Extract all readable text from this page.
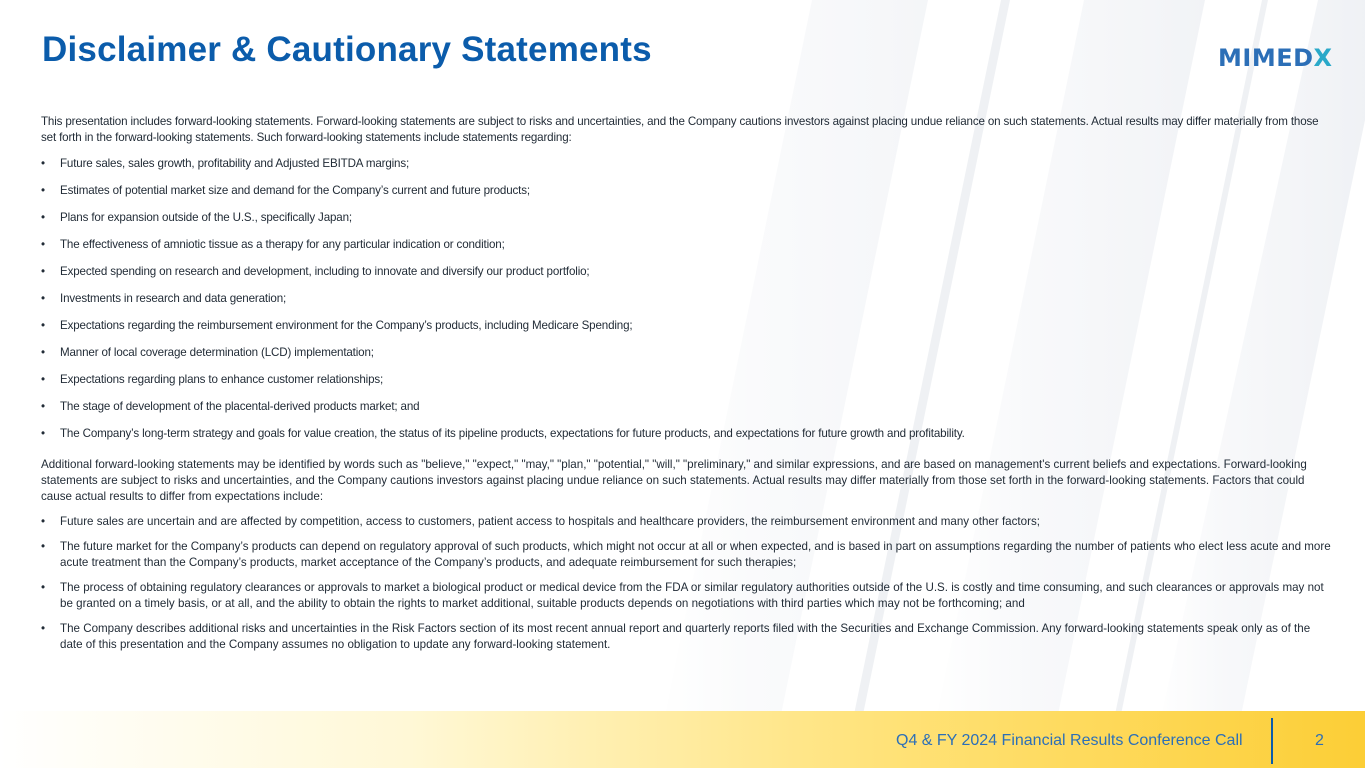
Disclaimer & Cautionary Statements	MIMEDX

This presentation includes forward-looking statements. Forward-looking statements are subject to risks and uncertainties, and the Company cautions investors against placing undue reliance on such statements. Actual results may differ materially from those set forth in the forward-looking statements. Such forward-looking statements include statements regarding:

• Future sales, sales growth, profitability and Adjusted EBITDA margins;
• Estimates of potential market size and demand for the Company’s current and future products;
• Plans for expansion outside of the U.S., specifically Japan;
• The effectiveness of amniotic tissue as a therapy for any particular indication or condition;
• Expected spending on research and development, including to innovate and diversify our product portfolio;
• Investments in research and data generation;
• Expectations regarding the reimbursement environment for the Company’s products, including Medicare Spending;
• Manner of local coverage determination (LCD) implementation;
• Expectations regarding plans to enhance customer relationships;
• The stage of development of the placental-derived products market; and
• The Company’s long-term strategy and goals for value creation, the status of its pipeline products, expectations for future products, and expectations for future growth and profitability.

Additional forward-looking statements may be identified by words such as "believe," "expect," "may," "plan," "potential," "will," "preliminary," and similar expressions, and are based on management's current beliefs and expectations. Forward-looking statements are subject to risks and uncertainties, and the Company cautions investors against placing undue reliance on such statements. Actual results may differ materially from those set forth in the forward-looking statements. Factors that could cause actual results to differ from expectations include:

• Future sales are uncertain and are affected by competition, access to customers, patient access to hospitals and healthcare providers, the reimbursement environment and many other factors;
• The future market for the Company’s products can depend on regulatory approval of such products, which might not occur at all or when expected, and is based in part on assumptions regarding the number of patients who elect less acute and more acute treatment than the Company’s products, market acceptance of the Company’s products, and adequate reimbursement for such therapies;
• The process of obtaining regulatory clearances or approvals to market a biological product or medical device from the FDA or similar regulatory authorities outside of the U.S. is costly and time consuming, and such clearances or approvals may not be granted on a timely basis, or at all, and the ability to obtain the rights to market additional, suitable products depends on negotiations with third parties which may not be forthcoming; and
• The Company describes additional risks and uncertainties in the Risk Factors section of its most recent annual report and quarterly reports filed with the Securities and Exchange Commission. Any forward-looking statements speak only as of the date of this presentation and the Company assumes no obligation to update any forward-looking statement.
Q4 & FY 2024 Financial Results Conference Call	2
